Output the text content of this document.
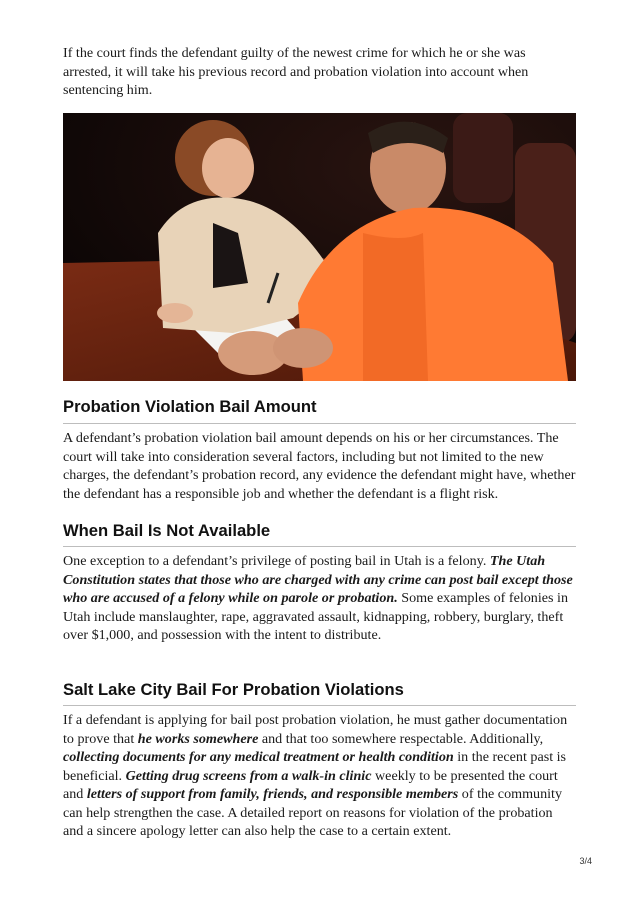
If the court finds the defendant guilty of the newest crime for which he or she was arrested, it will take his previous record and probation violation into account when sentencing him.

Probation Violation Bail Amount

A defendant’s probation violation bail amount depends on his or her circumstances. The court will take into consideration several factors, including but not limited to the new charges, the defendant’s probation record, any evidence the defendant might have, whether the defendant has a responsible job and whether the defendant is a flight risk.

When Bail Is Not Available

One exception to a defendant’s privilege of posting bail in Utah is a felony. The Utah Constitution states that those who are charged with any crime can post bail except those who are accused of a felony while on parole or probation. Some examples of felonies in Utah include manslaughter, rape, aggravated assault, kidnapping, robbery, burglary, theft over $1,000, and possession with the intent to distribute.

Salt Lake City Bail For Probation Violations

If a defendant is applying for bail post probation violation, he must gather documentation to prove that he works somewhere and that too somewhere respectable. Additionally, collecting documents for any medical treatment or health condition in the recent past is beneficial. Getting drug screens from a walk-in clinic weekly to be presented the court and letters of support from family, friends, and responsible members of the community can help strengthen the case. A detailed report on reasons for violation of the probation and a sincere apology letter can also help the case to a certain extent.

3/4
